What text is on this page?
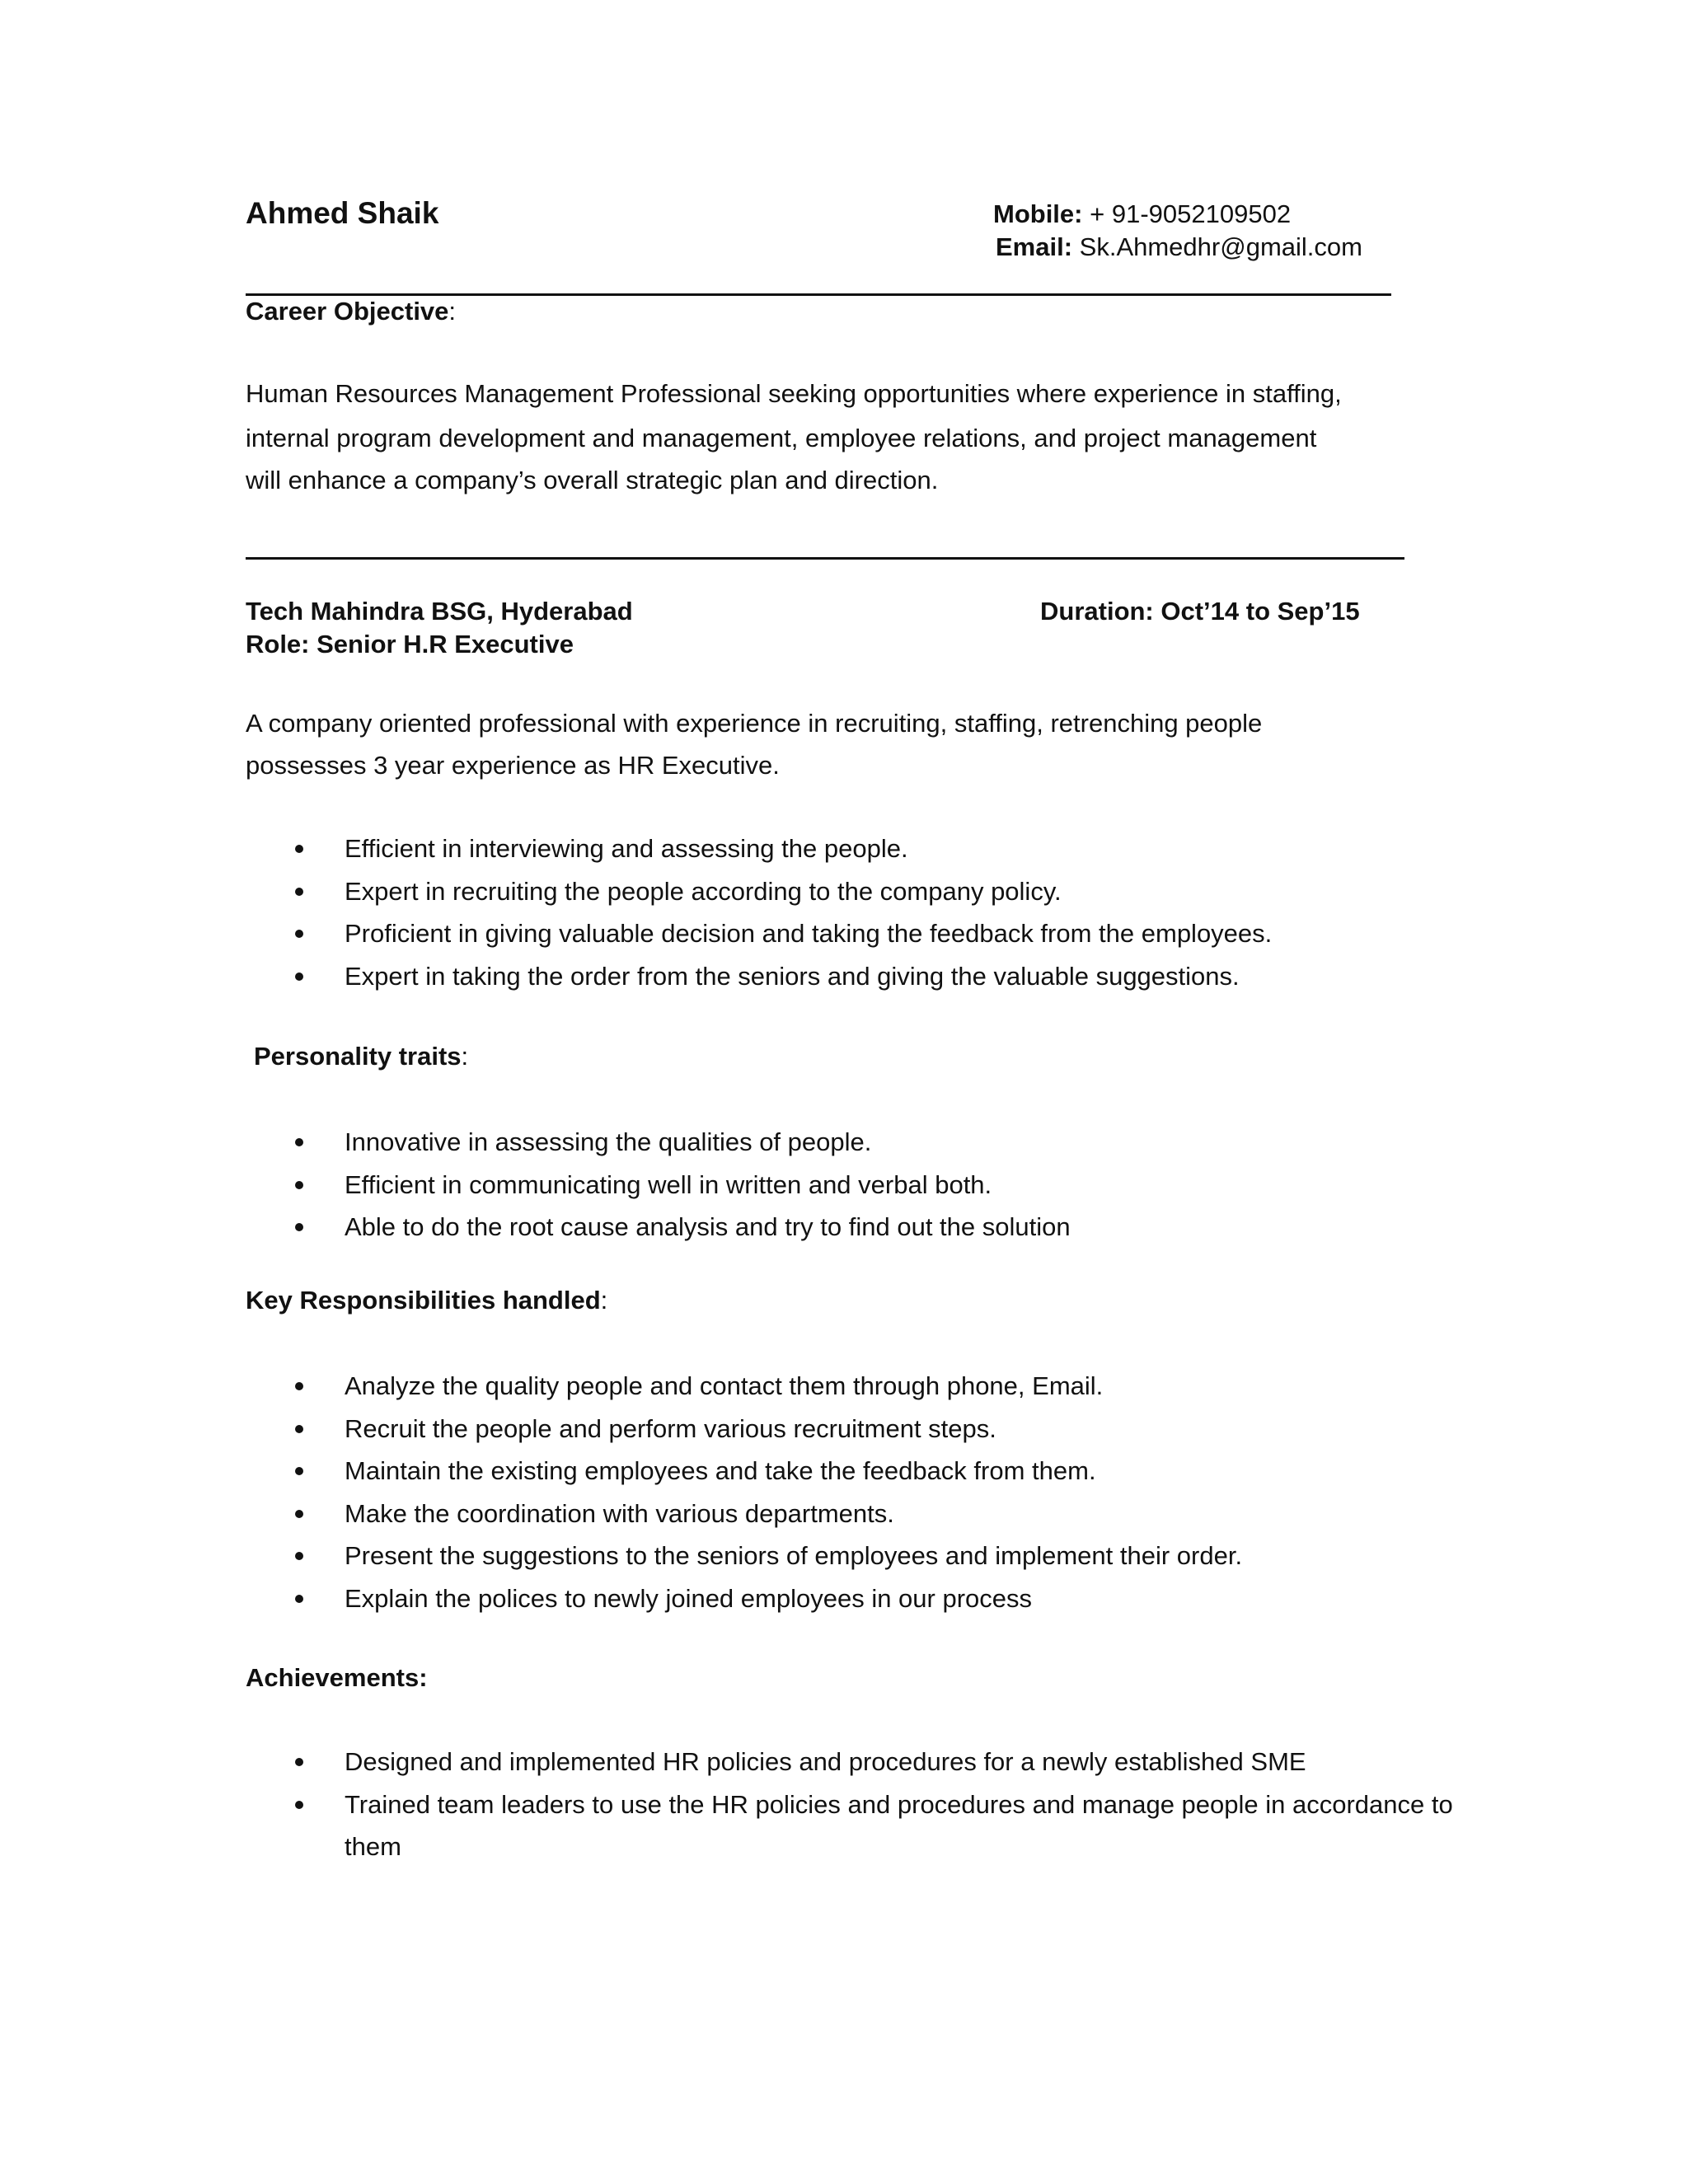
Ahmed Shaik	Mobile: + 91-9052109502
Email: Sk.Ahmedhr@gmail.com
Career Objective:
Human Resources Management Professional seeking opportunities where experience in staffing,
internal program development and management, employee relations, and project management
will enhance a company’s overall strategic plan and direction.
Tech Mahindra BSG, Hyderabad	Duration: Oct’14 to Sep’15
Role: Senior H.R Executive
A company oriented professional with experience in recruiting, staffing, retrenching people
possesses 3 year experience as HR Executive.
Efficient in interviewing and assessing the people.
Expert in recruiting the people according to the company policy.
Proficient in giving valuable decision and taking the feedback from the employees.
Expert in taking the order from the seniors and giving the valuable suggestions.
Personality traits:
Innovative in assessing the qualities of people.
Efficient in communicating well in written and verbal both.
Able to do the root cause analysis and try to find out the solution
Key Responsibilities handled:
Analyze the quality people and contact them through phone, Email.
Recruit the people and perform various recruitment steps.
Maintain the existing employees and take the feedback from them.
Make the coordination with various departments.
Present the suggestions to the seniors of employees and implement their order.
Explain the polices to newly joined employees in our process
Achievements:
Designed and implemented HR policies and procedures for a newly established SME
Trained team leaders to use the HR policies and procedures and manage people in accordance to them
